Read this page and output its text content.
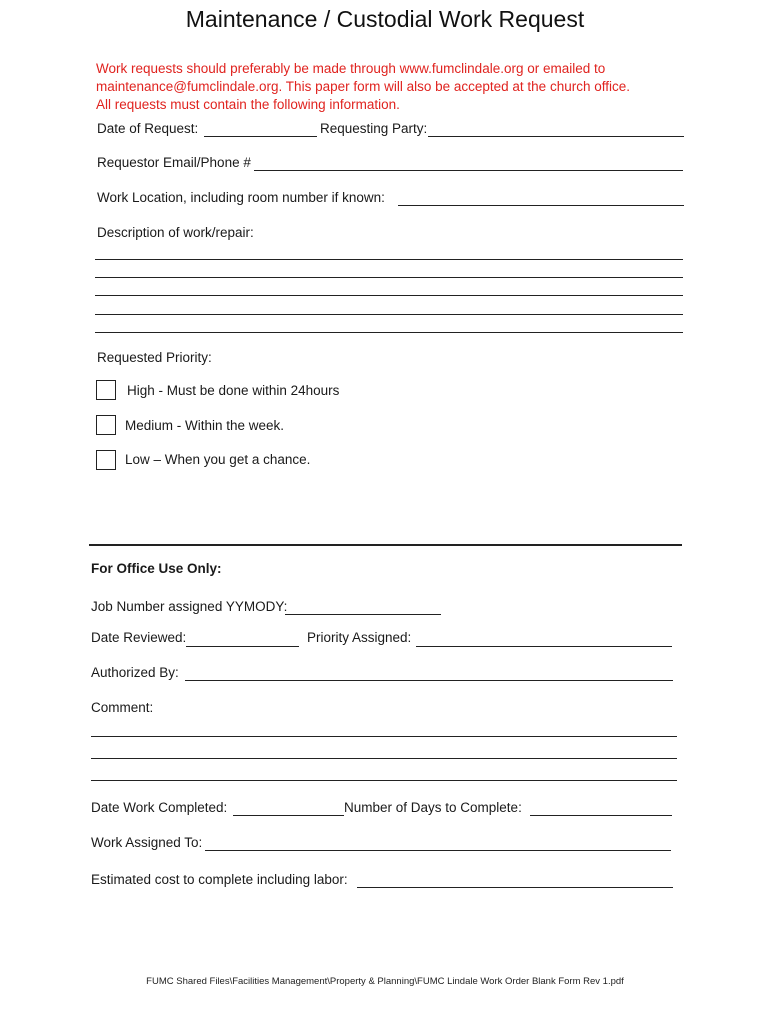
Maintenance / Custodial Work Request
Work requests should preferably be made through www.fumclindale.org or emailed to
maintenance@fumclindale.org. This paper form will also be accepted at the church office.
All requests must contain the following information.
Date of Request:	Requesting Party:
Requestor Email/Phone #
Work Location, including room number if known:
Description of work/repair:
Requested Priority:
High - Must be done within 24hours
Medium - Within the week.
Low – When you get a chance.
For Office Use Only:
Job Number assigned YYMODY:
Date Reviewed:	Priority Assigned:
Authorized By:
Comment:
Date Work Completed:	Number of Days to Complete:
Work Assigned To:
Estimated cost to complete including labor:
FUMC Shared Files\Facilities Management\Property & Planning\FUMC Lindale Work Order Blank Form Rev 1.pdf
